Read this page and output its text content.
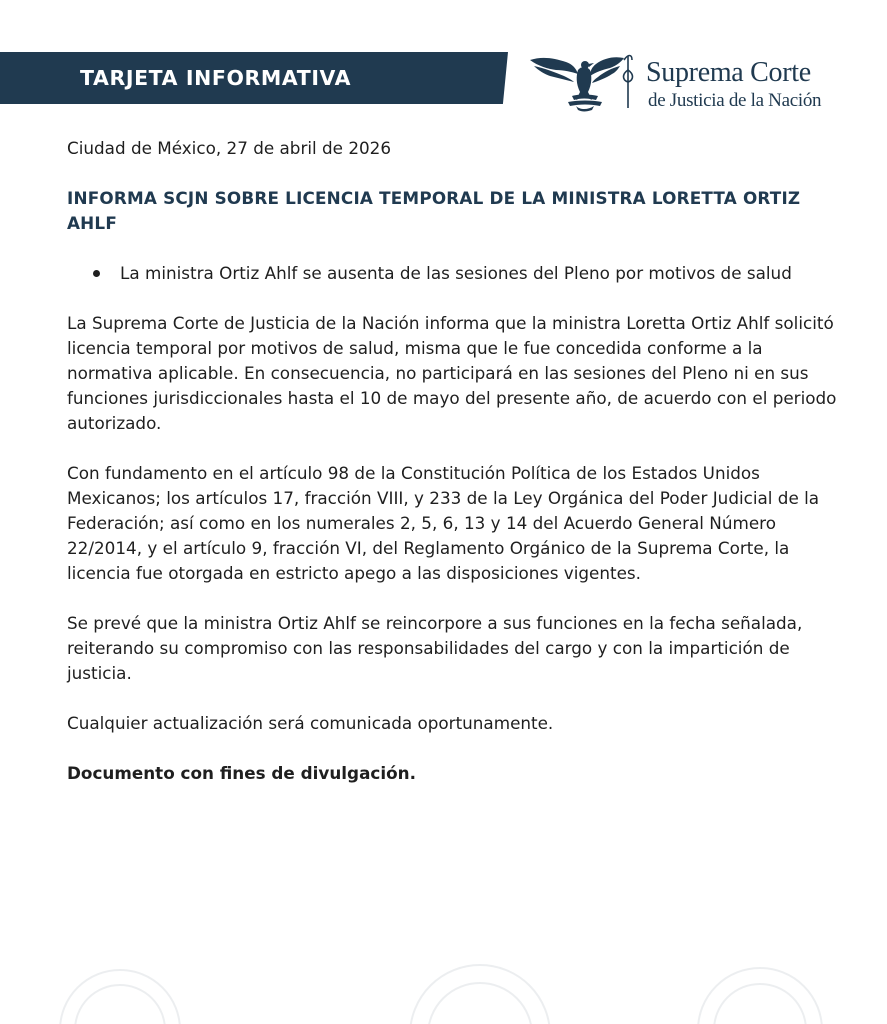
TARJETA INFORMATIVA	Suprema Corte
de Justicia de la Nación

Ciudad de México, 27 de abril de 2026

INFORMA SCJN SOBRE LICENCIA TEMPORAL DE LA MINISTRA LORETTA ORTIZ AHLF

La ministra Ortiz Ahlf se ausenta de las sesiones del Pleno por motivos de salud

La Suprema Corte de Justicia de la Nación informa que la ministra Loretta Ortiz Ahlf solicitó licencia temporal por motivos de salud, misma que le fue concedida conforme a la normativa aplicable. En consecuencia, no participará en las sesiones del Pleno ni en sus funciones jurisdiccionales hasta el 10 de mayo del presente año, de acuerdo con el periodo autorizado.

Con fundamento en el artículo 98 de la Constitución Política de los Estados Unidos Mexicanos; los artículos 17, fracción VIII, y 233 de la Ley Orgánica del Poder Judicial de la Federación; así como en los numerales 2, 5, 6, 13 y 14 del Acuerdo General Número 22/2014, y el artículo 9, fracción VI, del Reglamento Orgánico de la Suprema Corte, la licencia fue otorgada en estricto apego a las disposiciones vigentes.

Se prevé que la ministra Ortiz Ahlf se reincorpore a sus funciones en la fecha señalada, reiterando su compromiso con las responsabilidades del cargo y con la impartición de justicia.

Cualquier actualización será comunicada oportunamente.

Documento con fines de divulgación.
